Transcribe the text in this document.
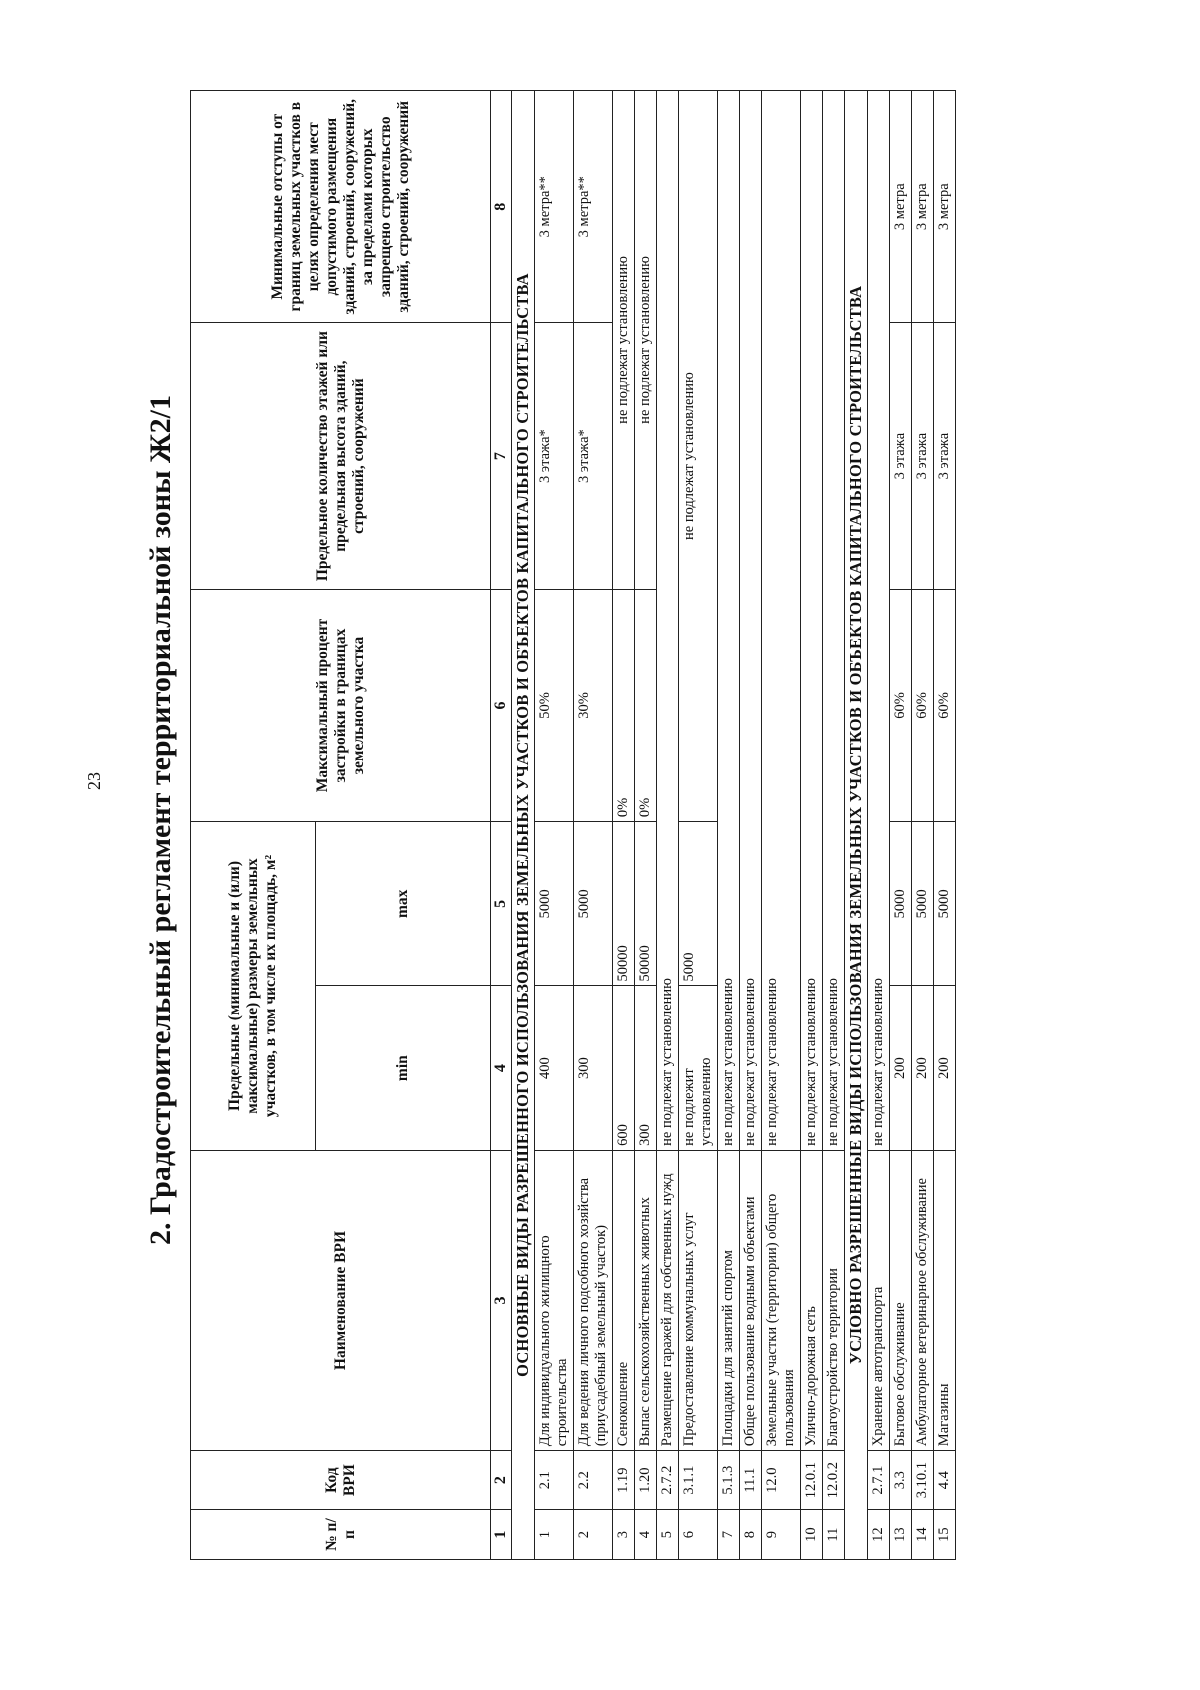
23 2. Градостроительный регламент территориальной зоны Ж2/1
№ п/п	Код ВРИ	Наименование ВРИ	Предельные (минимальные и (или) максимальные) размеры земельных участков, в том числе их площадь, м²		Максимальный процент застройки в границах земельного участка	Предельное количество этажей или предельная высота зданий, строений, сооружений	Минимальные отступы от границ земельных участков в целях определения мест допустимого размещения зданий, строений, сооружений, за пределами которых запрещено строительство зданий, строений, сооружений
			min	max			
1	2	3	4	5	6	7	8
ОСНОВНЫЕ ВИДЫ РАЗРЕШЕННОГО ИСПОЛЬЗОВАНИЯ ЗЕМЕЛЬНЫХ УЧАСТКОВ И ОБЪЕКТОВ КАПИТАЛЬНОГО СТРОИТЕЛЬСТВА							
1	2.1	Для индивидуального жилищного строительства	400	5000	50%	3 этажа*	3 метра**
2	2.2	Для ведения личного подсобного хозяйства (приусадебный земельный участок)	300	5000	30%	3 этажа*	3 метра**
3	1.19	Сенокошение	600	50000	0%	не подлежат установлению	
4	1.20	Выпас сельскохозяйственных животных	300	50000	0%	не подлежат установлению	
5	2.7.2	Размещение гаражей для собственных нужд	не подлежат установлению				
6	3.1.1	Предоставление коммунальных услуг	не подлежит установлению	5000	не подлежат установлению		
7	5.1.3	Площадки для занятий спортом	не подлежат установлению				
8	11.1	Общее пользование водными объектами	не подлежат установлению				
9	12.0	Земельные участки (территории) общего пользования	не подлежат установлению				
10	12.0.1	Улично-дорожная сеть	не подлежат установлению				
11	12.0.2	Благоустройство территории	не подлежат установлению				
УСЛОВНО РАЗРЕШЕННЫЕ ВИДЫ ИСПОЛЬЗОВАНИЯ ЗЕМЕЛЬНЫХ УЧАСТКОВ И ОБЪЕКТОВ КАПИТАЛЬНОГО СТРОИТЕЛЬСТВА							
12	2.7.1	Хранение автотранспорта	не подлежат установлению				
13	3.3	Бытовое обслуживание	200	5000	60%	3 этажа	3 метра
14	3.10.1	Амбулаторное ветеринарное обслуживание	200	5000	60%	3 этажа	3 метра
15	4.4	Магазины	200	5000	60%	3 этажа	3 метра
